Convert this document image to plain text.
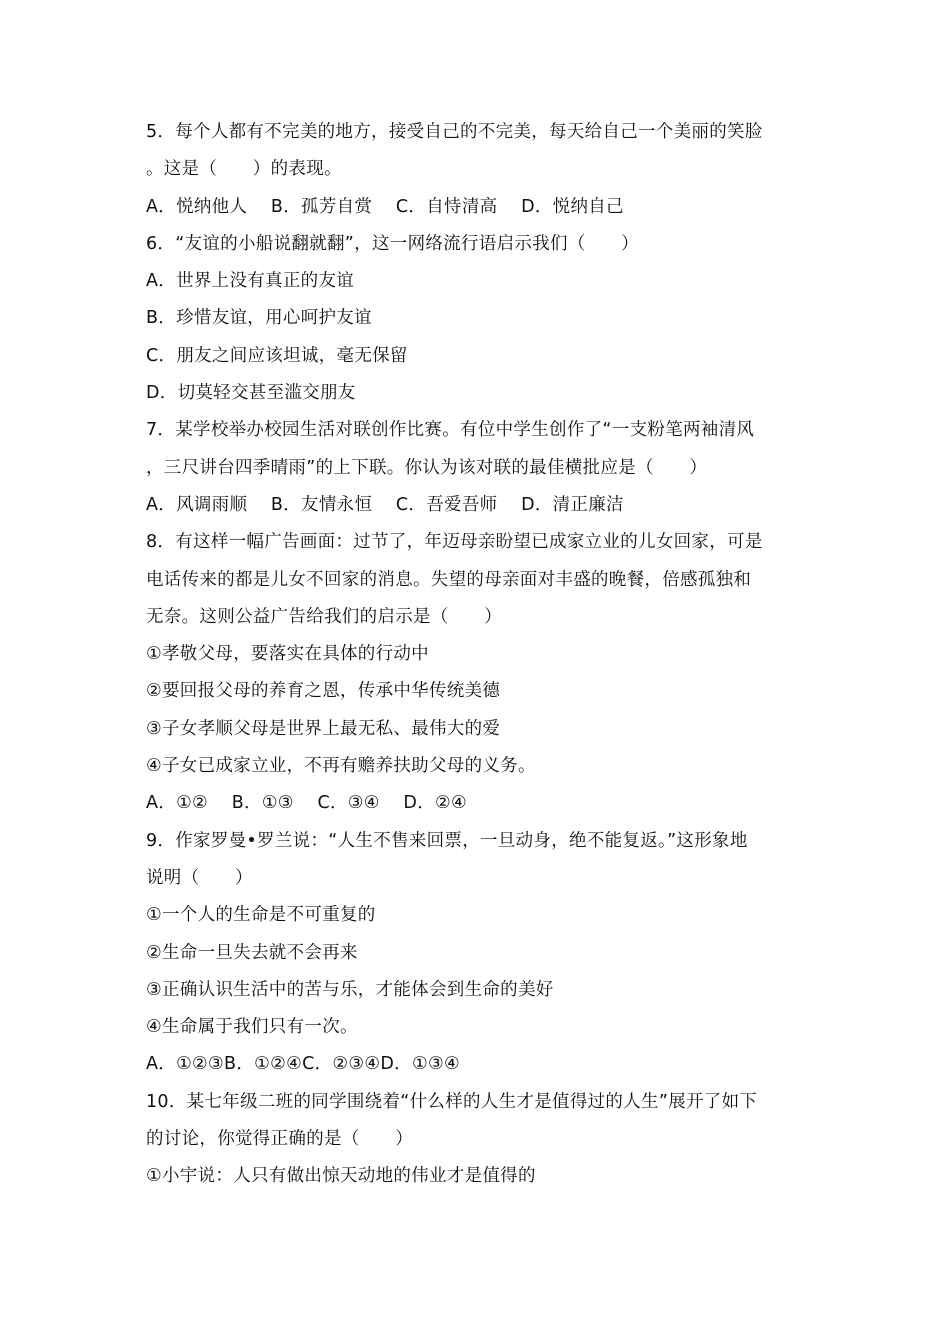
5．每个人都有不完美的地方，接受自己的不完美，每天给自己一个美丽的笑脸
。这是（　　）的表现。
A．悦纳他人　 B．孤芳自赏　 C．自恃清高　 D．悦纳自己
6．“友谊的小船说翻就翻”，这一网络流行语启示我们（　　）
A．世界上没有真正的友谊
B．珍惜友谊，用心呵护友谊
C．朋友之间应该坦诚，毫无保留
D．切莫轻交甚至滥交朋友
7．某学校举办校园生活对联创作比赛。有位中学生创作了“一支粉笔两袖清风
，三尺讲台四季晴雨”的上下联。你认为该对联的最佳横批应是（　　）
A．风调雨顺　 B．友情永恒　 C．吾爱吾师　 D．清正廉洁
8．有这样一幅广告画面：过节了，年迈母亲盼望已成家立业的儿女回家，可是
电话传来的都是儿女不回家的消息。失望的母亲面对丰盛的晚餐，倍感孤独和
无奈。这则公益广告给我们的启示是（　　）
①孝敬父母，要落实在具体的行动中
②要回报父母的养育之恩，传承中华传统美德
③子女孝顺父母是世界上最无私、最伟大的爱
④子女已成家立业，不再有赡养扶助父母的义务。
A．①②　 B．①③　 C．③④　 D．②④
9．作家罗曼•罗兰说：“人生不售来回票，一旦动身，绝不能复返。”这形象地
说明（　　）
①一个人的生命是不可重复的
②生命一旦失去就不会再来
③正确认识生活中的苦与乐，才能体会到生命的美好
④生命属于我们只有一次。
A．①②③B．①②④C．②③④D．①③④
10．某七年级二班的同学围绕着“什么样的人生才是值得过的人生”展开了如下
的讨论，你觉得正确的是（　　）
①小宇说：人只有做出惊天动地的伟业才是值得的
